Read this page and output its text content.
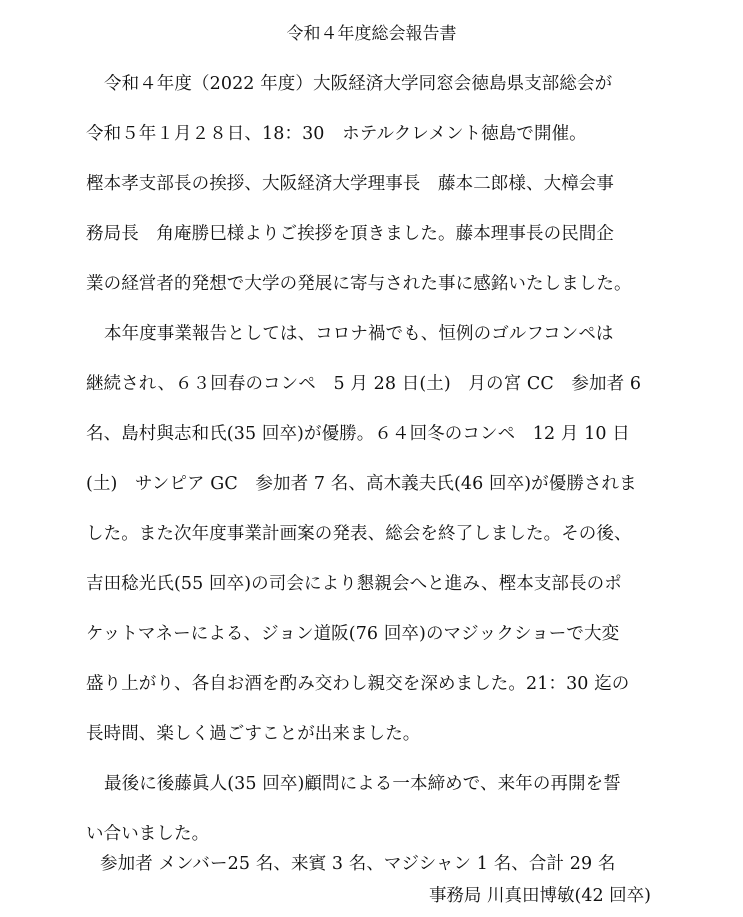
令和４年度総会報告書
令和４年度（2022 年度）大阪経済大学同窓会徳島県支部総会が
令和５年１月２８日、18：30　ホテルクレメント徳島で開催。
樫本孝支部長の挨拶、大阪経済大学理事長　藤本二郎様、大樟会事
務局長　角庵勝巳様よりご挨拶を頂きました。藤本理事長の民間企
業の経営者的発想で大学の発展に寄与された事に感銘いたしました。
本年度事業報告としては、コロナ禍でも、恒例のゴルフコンペは
継続され、６３回春のコンペ　5 月 28 日(土)　月の宮 CC　参加者 6
名、島村與志和氏(35 回卒)が優勝。６４回冬のコンペ　12 月 10 日
(土)　サンピア GC　参加者 7 名、高木義夫氏(46 回卒)が優勝されま
した。また次年度事業計画案の発表、総会を終了しました。その後、
吉田稔光氏(55 回卒)の司会により懇親会へと進み、樫本支部長のポ
ケットマネーによる、ジョン道阪(76 回卒)のマジックショーで大変
盛り上がり、各自お酒を酌み交わし親交を深めました。21：30 迄の
長時間、楽しく過ごすことが出来ました。
最後に後藤眞人(35 回卒)顧問による一本締めで、来年の再開を誓
い合いました。
参加者 メンバー25 名、来賓 3 名、マジシャン 1 名、合計 29 名
事務局 川真田博敏(42 回卒)
